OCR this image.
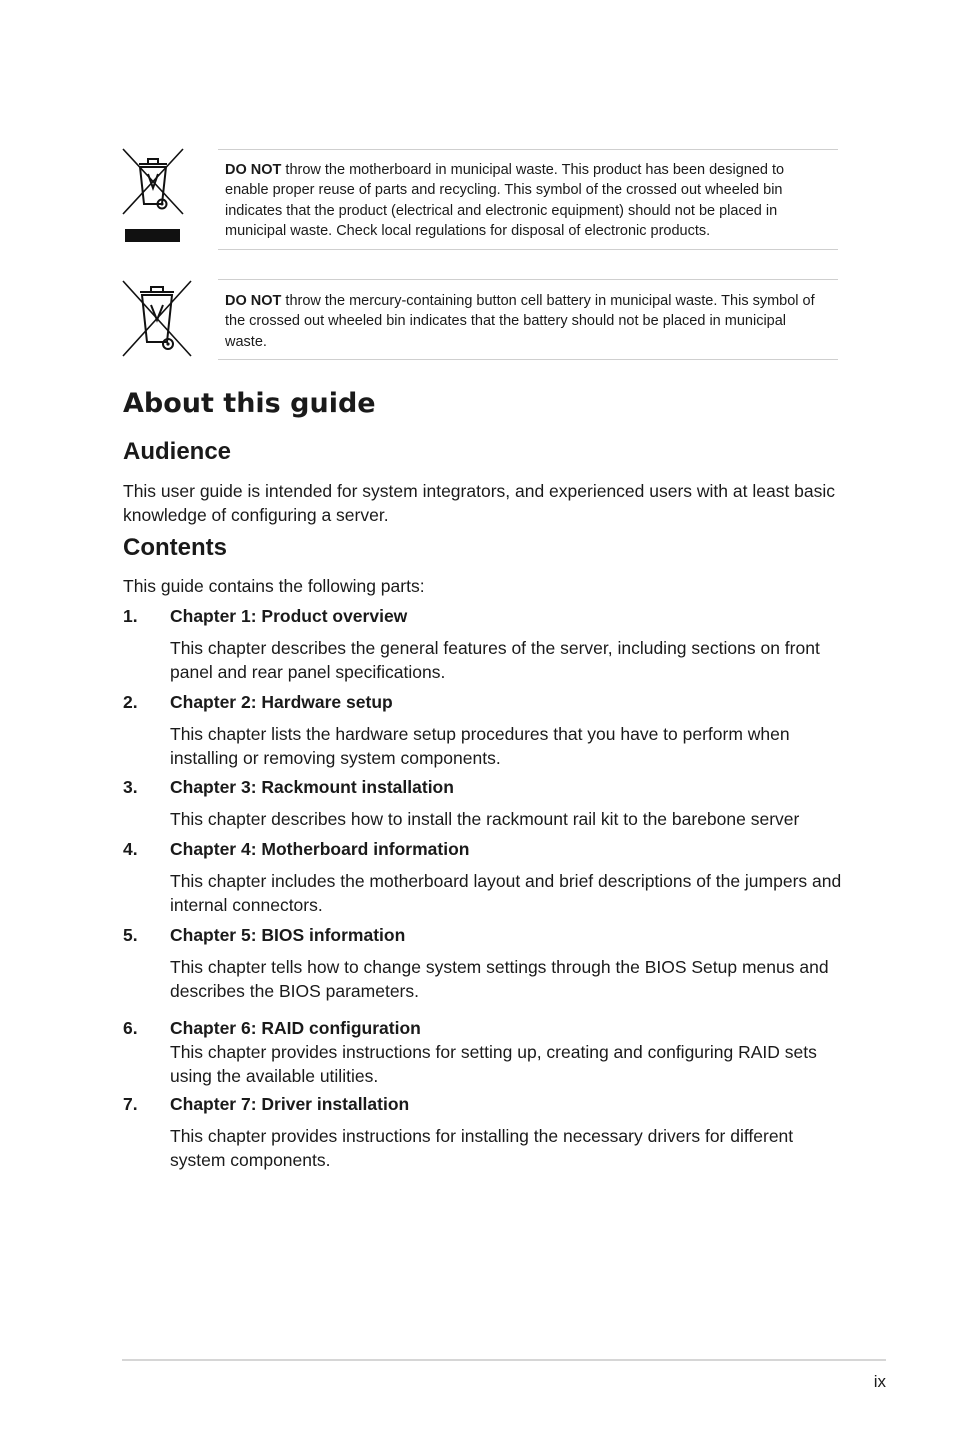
DO NOT throw the motherboard in municipal waste. This product has been designed to enable proper reuse of parts and recycling. This symbol of the crossed out wheeled bin indicates that the product (electrical and electronic equipment) should not be placed in municipal waste. Check local regulations for disposal of electronic products.
DO NOT throw the mercury-containing button cell battery in municipal waste. This symbol of the crossed out wheeled bin indicates that the battery should not be placed in municipal waste.
About this guide
Audience

This user guide is intended for system integrators, and experienced users with at least basic knowledge of configuring a server.

Contents

This guide contains the following parts:

1. Chapter 1: Product overview

This chapter describes the general features of the server, including sections on front panel and rear panel specifications.

2. Chapter 2: Hardware setup

This chapter lists the hardware setup procedures that you have to perform when installing or removing system components.

3. Chapter 3: Rackmount installation

This chapter describes how to install the rackmount rail kit to the barebone server

4. Chapter 4: Motherboard information

This chapter includes the motherboard layout and brief descriptions of the jumpers and internal connectors.

5. Chapter 5: BIOS information

This chapter tells how to change system settings through the BIOS Setup menus and describes the BIOS parameters.

6. Chapter 6: RAID configuration

This chapter provides instructions for setting up, creating and configuring RAID sets using the available utilities.

7. Chapter 7: Driver installation

This chapter provides instructions for installing the necessary drivers for different system components.

ix
